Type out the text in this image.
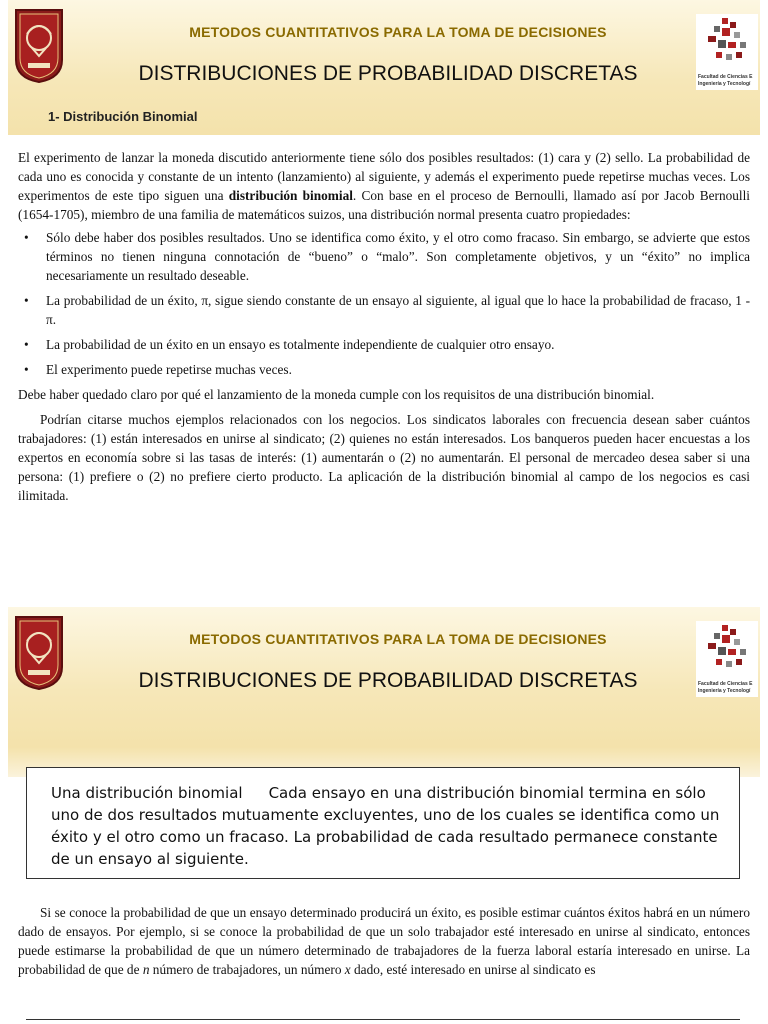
Facultad de Ciencias E
Ingeniería y Tecnologí
METODOS CUANTITATIVOS PARA LA TOMA DE DECISIONES
DISTRIBUCIONES DE PROBABILIDAD DISCRETAS
1- Distribución Binomial

El experimento de lanzar la moneda discutido anteriormente tiene sólo dos posibles resultados: (1) cara y (2) sello. La probabilidad de cada uno es conocida y constante de un intento (lanzamiento) al siguiente, y además el experimento puede repetirse muchas veces. Los experimentos de este tipo siguen una distribución binomial. Con base en el proceso de Bernoulli, llamado así por Jacob Bernoulli (1654-1705), miembro de una familia de matemáticos suizos, una distribución normal presenta cuatro propiedades:

• Sólo debe haber dos posibles resultados. Uno se identifica como éxito, y el otro como fracaso. Sin embargo, se advierte que estos términos no tienen ninguna connotación de “bueno” o “malo”. Son completamente objetivos, y un “éxito” no implica necesariamente un resultado deseable.
• La probabilidad de un éxito, π, sigue siendo constante de un ensayo al siguiente, al igual que lo hace la probabilidad de fracaso, 1 - π.
• La probabilidad de un éxito en un ensayo es totalmente independiente de cualquier otro ensayo.
• El experimento puede repetirse muchas veces.

Debe haber quedado claro por qué el lanzamiento de la moneda cumple con los requisitos de una distribución binomial.

Podrían citarse muchos ejemplos relacionados con los negocios. Los sindicatos laborales con frecuencia desean saber cuántos trabajadores: (1) están interesados en unirse al sindicato; (2) quienes no están interesados. Los banqueros pueden hacer encuestas a los expertos en economía sobre si las tasas de interés: (1) aumentarán o (2) no aumentarán. El personal de mercadeo desea saber si una persona: (1) prefiere o (2) no prefiere cierto producto. La aplicación de la distribución binomial al campo de los negocios es casi ilimitada.

Facultad de Ciencias E
Ingeniería y Tecnologí
METODOS CUANTITATIVOS PARA LA TOMA DE DECISIONES
DISTRIBUCIONES DE PROBABILIDAD DISCRETAS
Una distribución binomial Cada ensayo en una distribución binomial termina en sólo uno de dos resultados mutuamente excluyentes, uno de los cuales se identifica como un éxito y el otro como un fracaso. La probabilidad de cada resultado permanece constante de un ensayo al siguiente.

Si se conoce la probabilidad de que un ensayo determinado producirá un éxito, es posible estimar cuántos éxitos habrá en un número dado de ensayos. Por ejemplo, si se conoce la probabilidad de que un solo trabajador esté interesado en unirse al sindicato, entonces puede estimarse la probabilidad de que un número determinado de trabajadores de la fuerza laboral estaría interesado en unirse. La probabilidad de que de n número de trabajadores, un número x dado, esté interesado en unirse al sindicato es
